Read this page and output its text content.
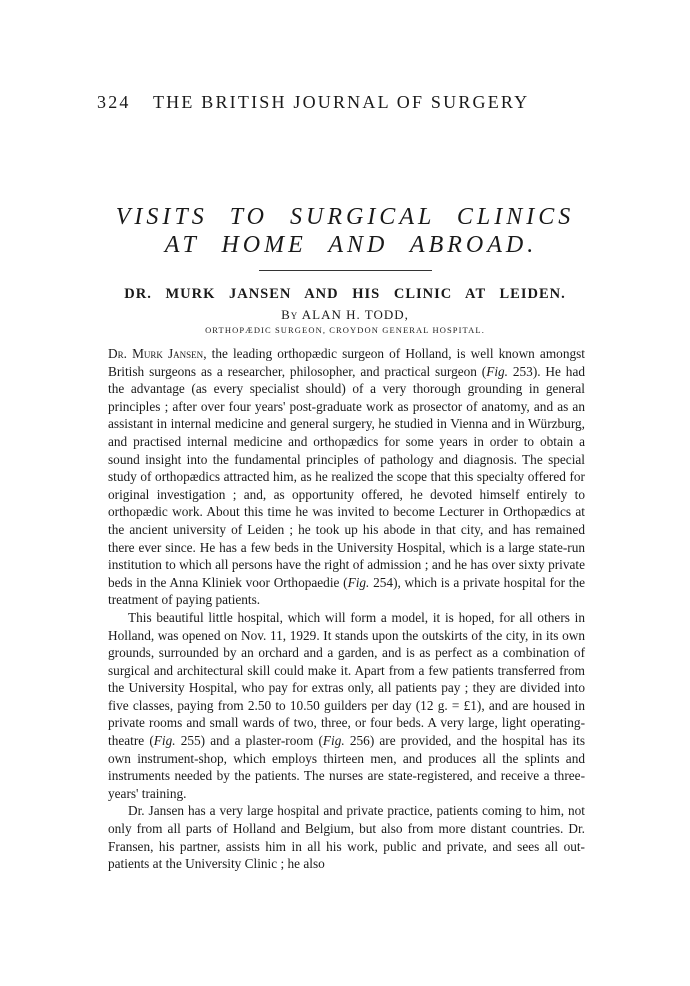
324 THE BRITISH JOURNAL OF SURGERY
VISITS TO SURGICAL CLINICS
AT HOME AND ABROAD.
DR. MURK JANSEN AND HIS CLINIC AT LEIDEN.
By ALAN H. TODD,
ORTHOPÆDIC SURGEON, CROYDON GENERAL HOSPITAL.

Dr. Murk Jansen, the leading orthopædic surgeon of Holland, is well known amongst British surgeons as a researcher, philosopher, and practical surgeon (Fig. 253). He had the advantage (as every specialist should) of a very thorough grounding in general principles ; after over four years' post-graduate work as prosector of anatomy, and as an assistant in internal medicine and general surgery, he studied in Vienna and in Würzburg, and practised internal medicine and orthopædics for some years in order to obtain a sound insight into the fundamental principles of pathology and diagnosis. The special study of orthopædics attracted him, as he realized the scope that this specialty offered for original investigation ; and, as opportunity offered, he devoted himself entirely to orthopædic work. About this time he was invited to become Lecturer in Orthopædics at the ancient university of Leiden ; he took up his abode in that city, and has remained there ever since. He has a few beds in the University Hospital, which is a large state-run institution to which all persons have the right of admission ; and he has over sixty private beds in the Anna Kliniek voor Orthopaedie (Fig. 254), which is a private hospital for the treatment of paying patients.

This beautiful little hospital, which will form a model, it is hoped, for all others in Holland, was opened on Nov. 11, 1929. It stands upon the outskirts of the city, in its own grounds, surrounded by an orchard and a garden, and is as perfect as a combination of surgical and architectural skill could make it. Apart from a few patients transferred from the University Hospital, who pay for extras only, all patients pay ; they are divided into five classes, paying from 2.50 to 10.50 guilders per day (12 g. = £1), and are housed in private rooms and small wards of two, three, or four beds. A very large, light operating-theatre (Fig. 255) and a plaster-room (Fig. 256) are provided, and the hospital has its own instrument-shop, which employs thirteen men, and produces all the splints and instruments needed by the patients. The nurses are state-registered, and receive a three-years' training.

Dr. Jansen has a very large hospital and private practice, patients coming to him, not only from all parts of Holland and Belgium, but also from more distant countries. Dr. Fransen, his partner, assists him in all his work, public and private, and sees all out-patients at the University Clinic ; he also
